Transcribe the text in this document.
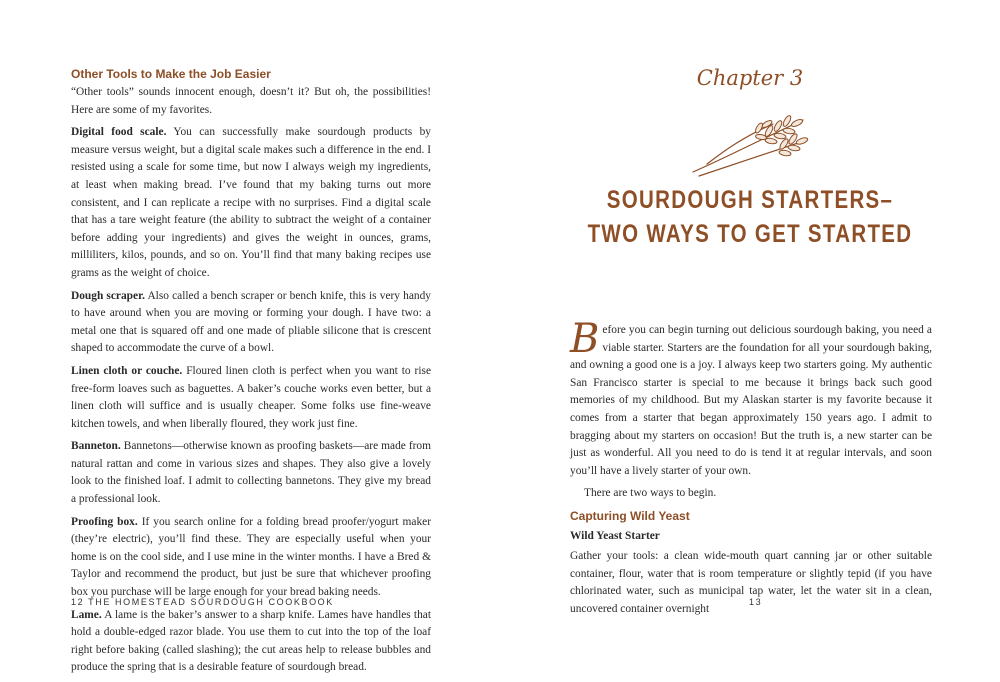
Other Tools to Make the Job Easier

“Other tools” sounds innocent enough, doesn’t it? But oh, the possibilities! Here are some of my favorites.

Digital food scale. You can successfully make sourdough products by measure versus weight, but a digital scale makes such a difference in the end. I resisted using a scale for some time, but now I always weigh my ingredients, at least when making bread. I’ve found that my baking turns out more consistent, and I can replicate a recipe with no surprises. Find a digital scale that has a tare weight feature (the ability to subtract the weight of a container before adding your ingredients) and gives the weight in ounces, grams, milliliters, kilos, pounds, and so on. You’ll find that many baking recipes use grams as the weight of choice.

Dough scraper. Also called a bench scraper or bench knife, this is very handy to have around when you are moving or forming your dough. I have two: a metal one that is squared off and one made of pliable silicone that is crescent shaped to accommodate the curve of a bowl.

Linen cloth or couche. Floured linen cloth is perfect when you want to rise free-form loaves such as baguettes. A baker’s couche works even better, but a linen cloth will suffice and is usually cheaper. Some folks use fine-weave kitchen towels, and when liberally floured, they work just fine.

Banneton. Bannetons—otherwise known as proofing baskets—are made from natural rattan and come in various sizes and shapes. They also give a lovely look to the finished loaf. I admit to collecting bannetons. They give my bread a professional look.

Proofing box. If you search online for a folding bread proofer/yogurt maker (they’re electric), you’ll find these. They are especially useful when your home is on the cool side, and I use mine in the winter months. I have a Bred & Taylor and recommend the product, but just be sure that whichever proofing box you purchase will be large enough for your bread baking needs.

Lame. A lame is the baker’s answer to a sharp knife. Lames have handles that hold a double-edged razor blade. You use them to cut into the top of the loaf right before baking (called slashing); the cut areas help to release bubbles and produce the spring that is a desirable feature of sourdough bread.

12 THE HOMESTEAD SOURDOUGH COOKBOOK
Chapter 3
SOURDOUGH STARTERS–
TWO WAYS TO GET STARTED

Before you can begin turning out delicious sourdough baking, you need a viable starter. Starters are the foundation for all your sourdough baking, and owning a good one is a joy. I always keep two starters going. My authentic San Francisco starter is special to me because it brings back such good memories of my childhood. But my Alaskan starter is my favorite because it comes from a starter that began approximately 150 years ago. I admit to bragging about my starters on occasion! But the truth is, a new starter can be just as wonderful. All you need to do is tend it at regular intervals, and soon you’ll have a lively starter of your own.

There are two ways to begin.

Capturing Wild Yeast
Wild Yeast Starter

Gather your tools: a clean wide-mouth quart canning jar or other suitable container, flour, water that is room temperature or slightly tepid (if you have chlorinated water, such as municipal tap water, let the water sit in a clean, uncovered container overnight

13
